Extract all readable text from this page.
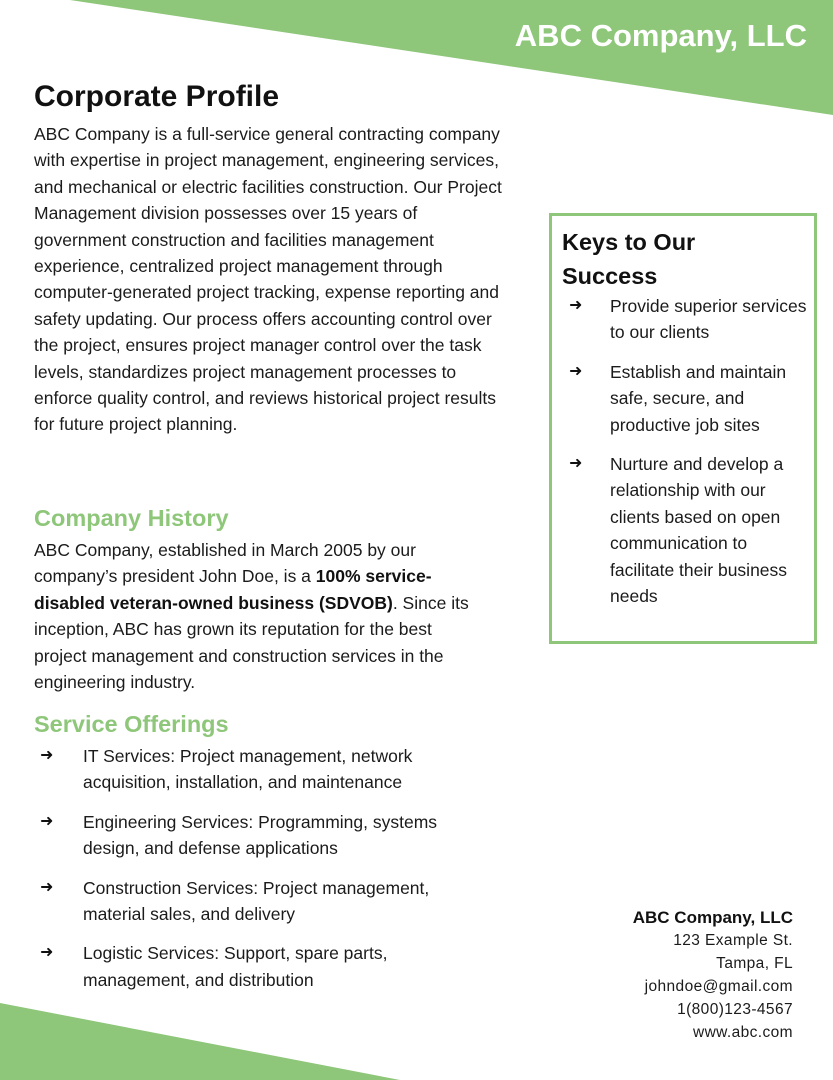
ABC Company, LLC
Corporate Profile

ABC Company is a full-service general contracting company with expertise in project management, engineering services, and mechanical or electric facilities construction. Our Project Management division possesses over 15 years of government construction and facilities management experience, centralized project management through computer-generated project tracking, expense reporting and safety updating. Our process offers accounting control over the project, ensures project manager control over the task levels, standardizes project management processes to enforce quality control, and reviews historical project results for future project planning.

Company History

ABC Company, established in March 2005 by our company’s president John Doe, is a 100% service-disabled veteran-owned business (SDVOB). Since its inception, ABC has grown its reputation for the best project management and construction services in the engineering industry.

Service Offerings
➜ IT Services: Project management, network acquisition, installation, and maintenance
➜ Engineering Services: Programming, systems design, and defense applications
➜ Construction Services: Project management, material sales, and delivery
➜ Logistic Services: Support, spare parts, management, and distribution
Keys to Our Success
➜ Provide superior services to our clients
➜ Establish and maintain safe, secure, and productive job sites
➜ Nurture and develop a relationship with our clients based on open communication to facilitate their business needs
ABC Company, LLC
123 Example St.
Tampa, FL
johndoe@gmail.com
1(800)123-4567
www.abc.com
